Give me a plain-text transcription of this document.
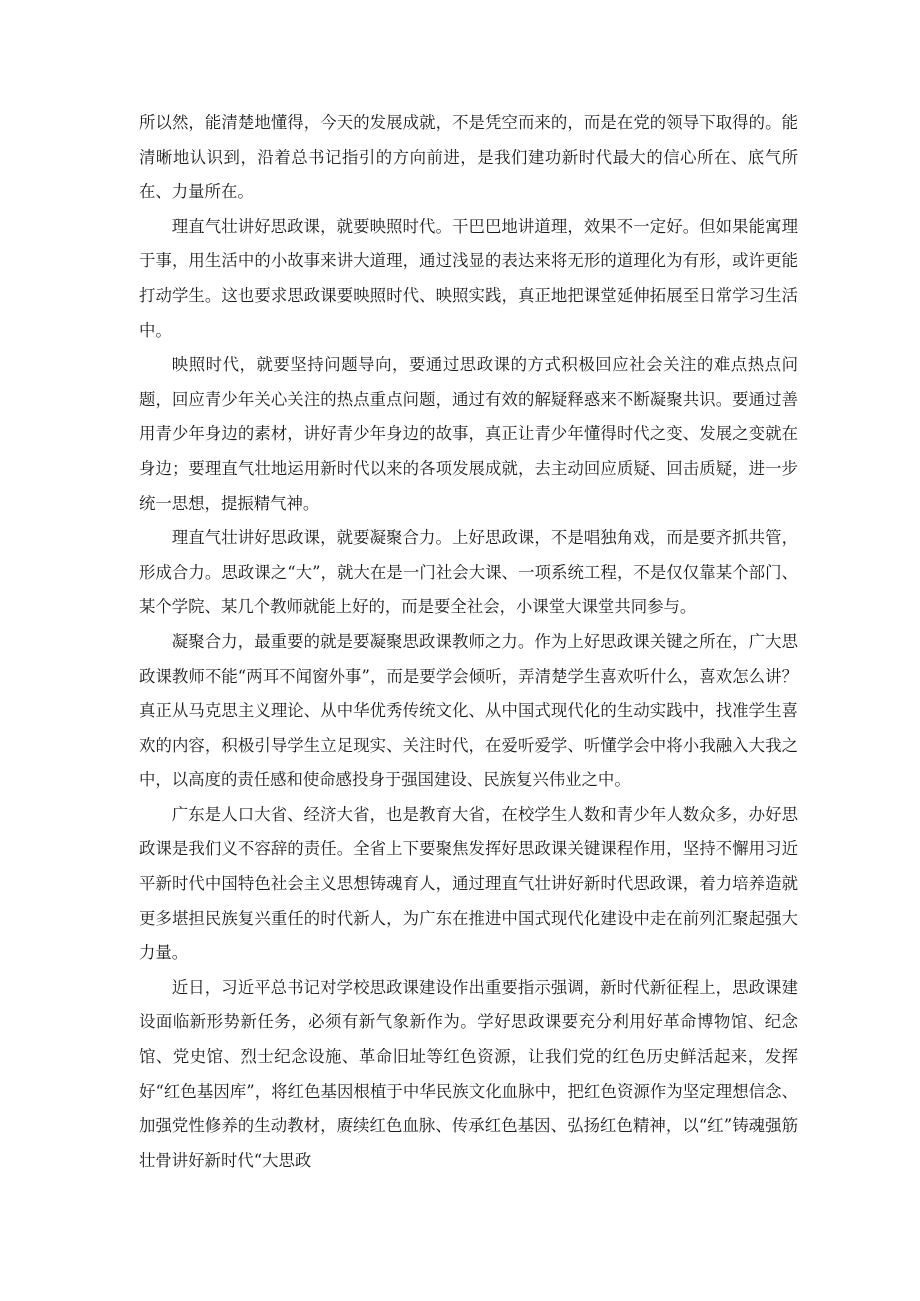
所以然，能清楚地懂得，今天的发展成就，不是凭空而来的，而是在党的领导下取得的。能清晰地认识到，沿着总书记指引的方向前进，是我们建功新时代最大的信心所在、底气所在、力量所在。

理直气壮讲好思政课，就要映照时代。干巴巴地讲道理，效果不一定好。但如果能寓理于事，用生活中的小故事来讲大道理，通过浅显的表达来将无形的道理化为有形，或许更能打动学生。这也要求思政课要映照时代、映照实践，真正地把课堂延伸拓展至日常学习生活中。

映照时代，就要坚持问题导向，要通过思政课的方式积极回应社会关注的难点热点问题，回应青少年关心关注的热点重点问题，通过有效的解疑释惑来不断凝聚共识。要通过善用青少年身边的素材，讲好青少年身边的故事，真正让青少年懂得时代之变、发展之变就在身边；要理直气壮地运用新时代以来的各项发展成就，去主动回应质疑、回击质疑，进一步统一思想，提振精气神。

理直气壮讲好思政课，就要凝聚合力。上好思政课，不是唱独角戏，而是要齐抓共管，形成合力。思政课之“大”，就大在是一门社会大课、一项系统工程，不是仅仅靠某个部门、某个学院、某几个教师就能上好的，而是要全社会，小课堂大课堂共同参与。

凝聚合力，最重要的就是要凝聚思政课教师之力。作为上好思政课关键之所在，广大思政课教师不能“两耳不闻窗外事”，而是要学会倾听，弄清楚学生喜欢听什么，喜欢怎么讲？真正从马克思主义理论、从中华优秀传统文化、从中国式现代化的生动实践中，找准学生喜欢的内容，积极引导学生立足现实、关注时代，在爱听爱学、听懂学会中将小我融入大我之中，以高度的责任感和使命感投身于强国建设、民族复兴伟业之中。

广东是人口大省、经济大省，也是教育大省，在校学生人数和青少年人数众多，办好思政课是我们义不容辞的责任。全省上下要聚焦发挥好思政课关键课程作用，坚持不懈用习近平新时代中国特色社会主义思想铸魂育人，通过理直气壮讲好新时代思政课，着力培养造就更多堪担民族复兴重任的时代新人，为广东在推进中国式现代化建设中走在前列汇聚起强大力量。

近日，习近平总书记对学校思政课建设作出重要指示强调，新时代新征程上，思政课建设面临新形势新任务，必须有新气象新作为。学好思政课要充分利用好革命博物馆、纪念馆、党史馆、烈士纪念设施、革命旧址等红色资源，让我们党的红色历史鲜活起来，发挥好“红色基因库”，将红色基因根植于中华民族文化血脉中，把红色资源作为坚定理想信念、加强党性修养的生动教材，赓续红色血脉、传承红色基因、弘扬红色精神，以“红”铸魂强筋壮骨讲好新时代“大思政
